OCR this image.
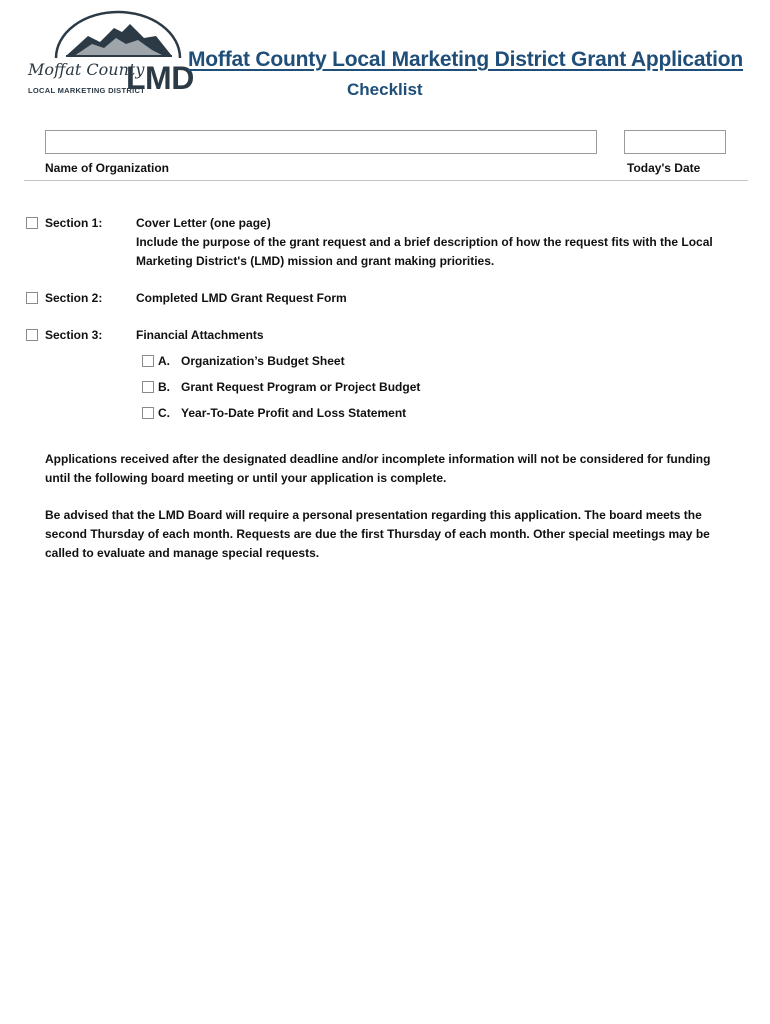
Moffat County
LMD
LOCAL MARKETING DISTRICT
Moffat County Local Marketing District Grant Application
Checklist
Name of Organization	Today's Date
Section 1:	Cover Letter (one page)
Include the purpose of the grant request and a brief description of how the request fits with the Local Marketing District's (LMD) mission and grant making priorities.
Section 2:	Completed LMD Grant Request Form
Section 3:	Financial Attachments
A. Organization’s Budget Sheet
B. Grant Request Program or Project Budget
C. Year-To-Date Profit and Loss Statement
Applications received after the designated deadline and/or incomplete information will not be considered for funding until the following board meeting or until your application is complete.
Be advised that the LMD Board will require a personal presentation regarding this application. The board meets the second Thursday of each month. Requests are due the first Thursday of each month. Other special meetings may be called to evaluate and manage special requests.
